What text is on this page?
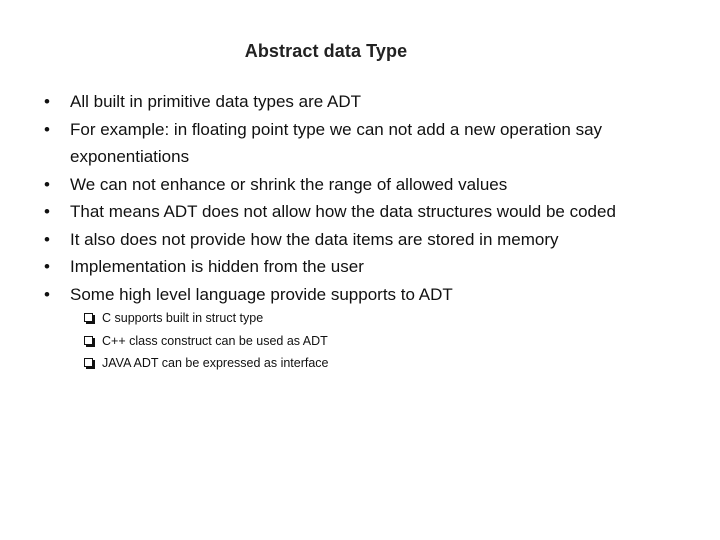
Abstract data Type
• All built in primitive data types are ADT
• For example: in floating point type we can not add a new operation say exponentiations
• We can not enhance or shrink the range of allowed values
• That means ADT does not allow how the data structures would be coded
• It also does not provide how the data items are stored in memory
• Implementation is hidden from the user
• Some high level language provide supports to ADT
C supports built in struct type
C++ class construct can be used as ADT
JAVA ADT can be expressed as interface
